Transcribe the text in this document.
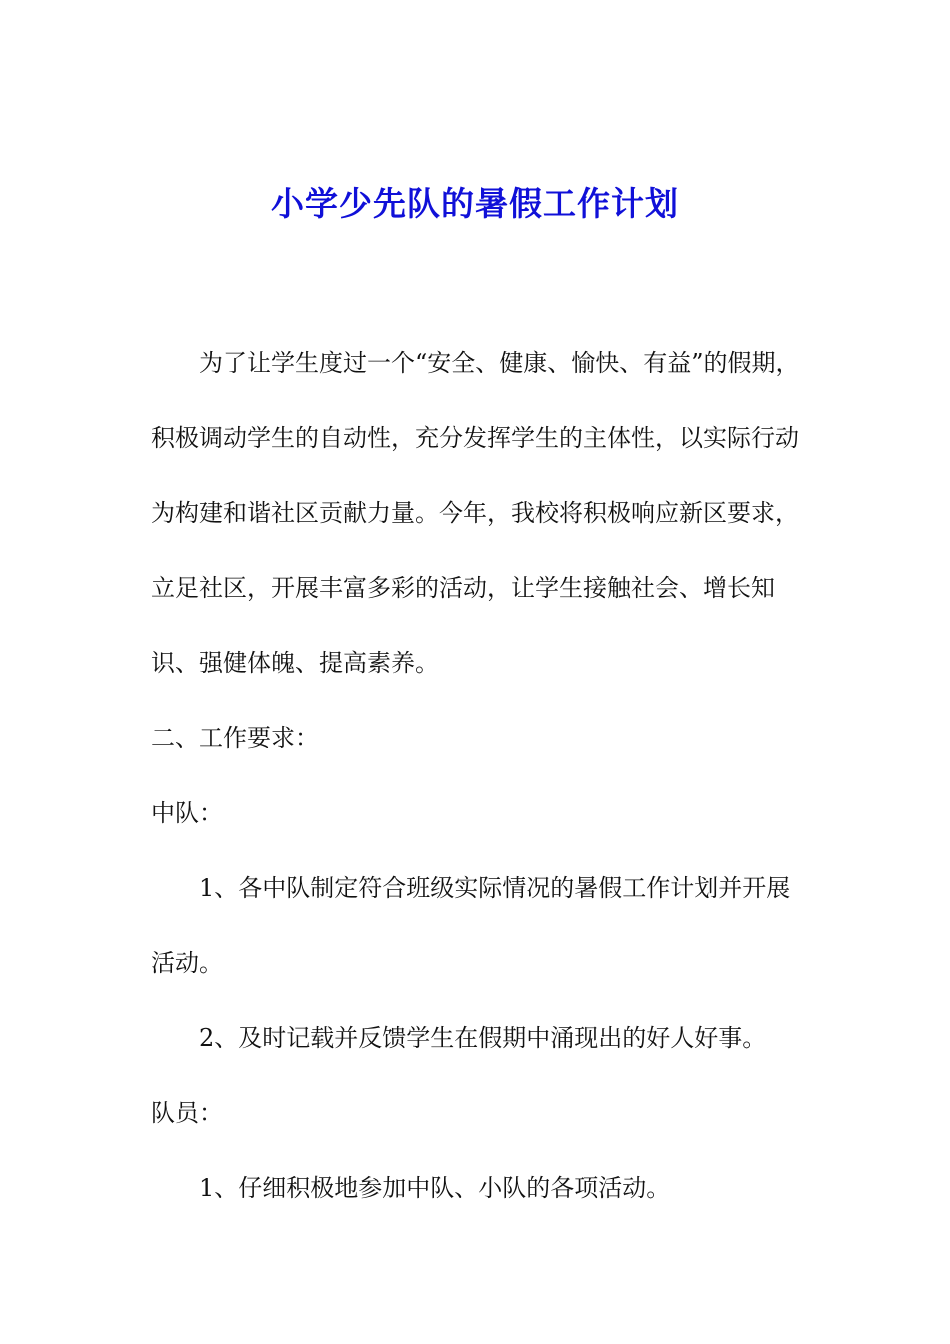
小学少先队的暑假工作计划

为了让学生度过一个“安全、健康、愉快、有益”的假期，积极调动学生的自动性，充分发挥学生的主体性，以实际行动为构建和谐社区贡献力量。今年，我校将积极响应新区要求，立足社区，开展丰富多彩的活动，让学生接触社会、增长知识、强健体魄、提高素养。

二、工作要求：

中队：

1、各中队制定符合班级实际情况的暑假工作计划并开展活动。

2、及时记载并反馈学生在假期中涌现出的好人好事。

队员：

1、仔细积极地参加中队、小队的各项活动。
